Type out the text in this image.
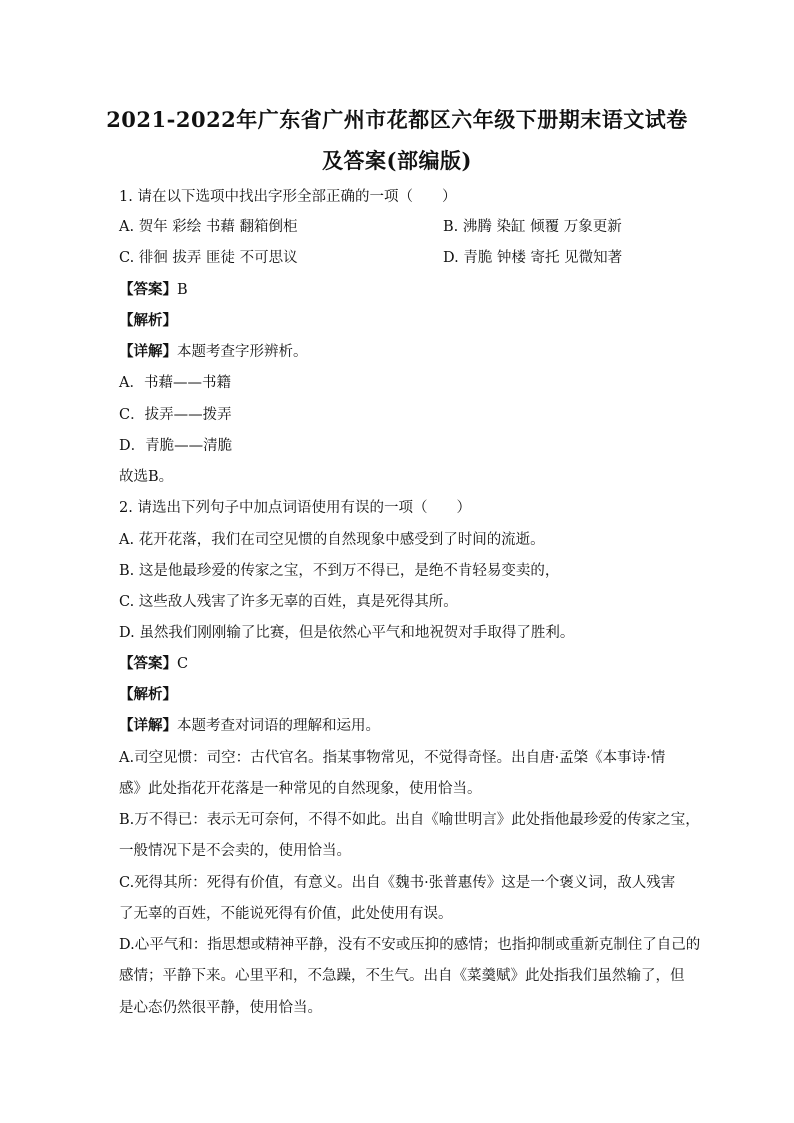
2021-2022年广东省广州市花都区六年级下册期末语文试卷
及答案(部编版)
1. 请在以下选项中找出字形全部正确的一项（　　）
A. 贺年 彩绘 书藉 翻箱倒柜	B. 沸腾 染缸 倾覆 万象更新
C. 徘徊 拔弄 匪徒 不可思议	D. 青脆 钟楼 寄托 见微知著
【答案】B
【解析】
【详解】本题考查字形辨析。
A．书藉——书籍
C．拔弄——拨弄
D．青脆——清脆
故选B。
2. 请选出下列句子中加点词语使用有误的一项（　　）
A. 花开花落，我们在司空见惯的自然现象中感受到了时间的流逝。
B. 这是他最珍爱的传家之宝，不到万不得已，是绝不肯轻易变卖的，
C. 这些敌人残害了许多无辜的百姓，真是死得其所。
D. 虽然我们刚刚输了比赛，但是依然心平气和地祝贺对手取得了胜利。
【答案】C
【解析】
【详解】本题考查对词语的理解和运用。
A.司空见惯：司空：古代官名。指某事物常见，不觉得奇怪。出自唐·孟棨《本事诗·情
感》此处指花开花落是一种常见的自然现象，使用恰当。
B.万不得已：表示无可奈何，不得不如此。出自《喻世明言》此处指他最珍爱的传家之宝，
一般情况下是不会卖的，使用恰当。
C.死得其所：死得有价值，有意义。出自《魏书·张普惠传》这是一个褒义词，敌人残害
了无辜的百姓，不能说死得有价值，此处使用有误。
D.心平气和：指思想或精神平静，没有不安或压抑的感情；也指抑制或重新克制住了自己的
感情；平静下来。心里平和，不急躁，不生气。出自《菜羹赋》此处指我们虽然输了，但
是心态仍然很平静，使用恰当。
